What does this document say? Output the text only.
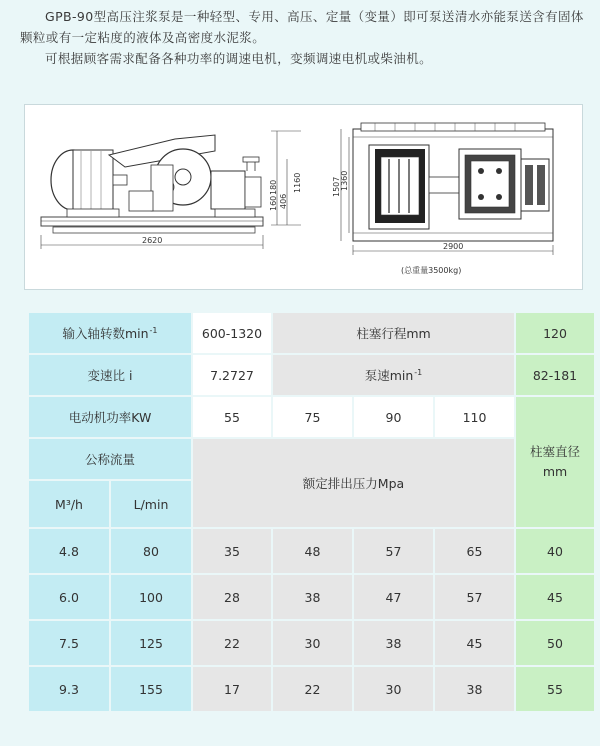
GPB-90型高压注浆泵是一种轻型、专用、高压、定量（变量）即可泵送清水亦能泵送含有固体颗粒或有一定粘度的液体及高密度水泥浆。

可根据顾客需求配备各种功率的调速电机，变频调速电机或柴油机。

2620
160
180
406
1160	1507 1360
2900
(总重量3500kg)
输入轴转数$\min^{-1}$		600-1320	柱塞行程mm			120
变速比 i		7.2727	泵速$\min^{-1}$			82-181
电动机功率KW		55	75	90	110	柱塞直径mm
公称流量		额定排出压力Mpa				
M³/h	L/min					
4.8	80	35	48	57	65	40
6.0	100	28	38	47	57	45
7.5	125	22	30	38	45	50
9.3	155	17	22	30	38	55
